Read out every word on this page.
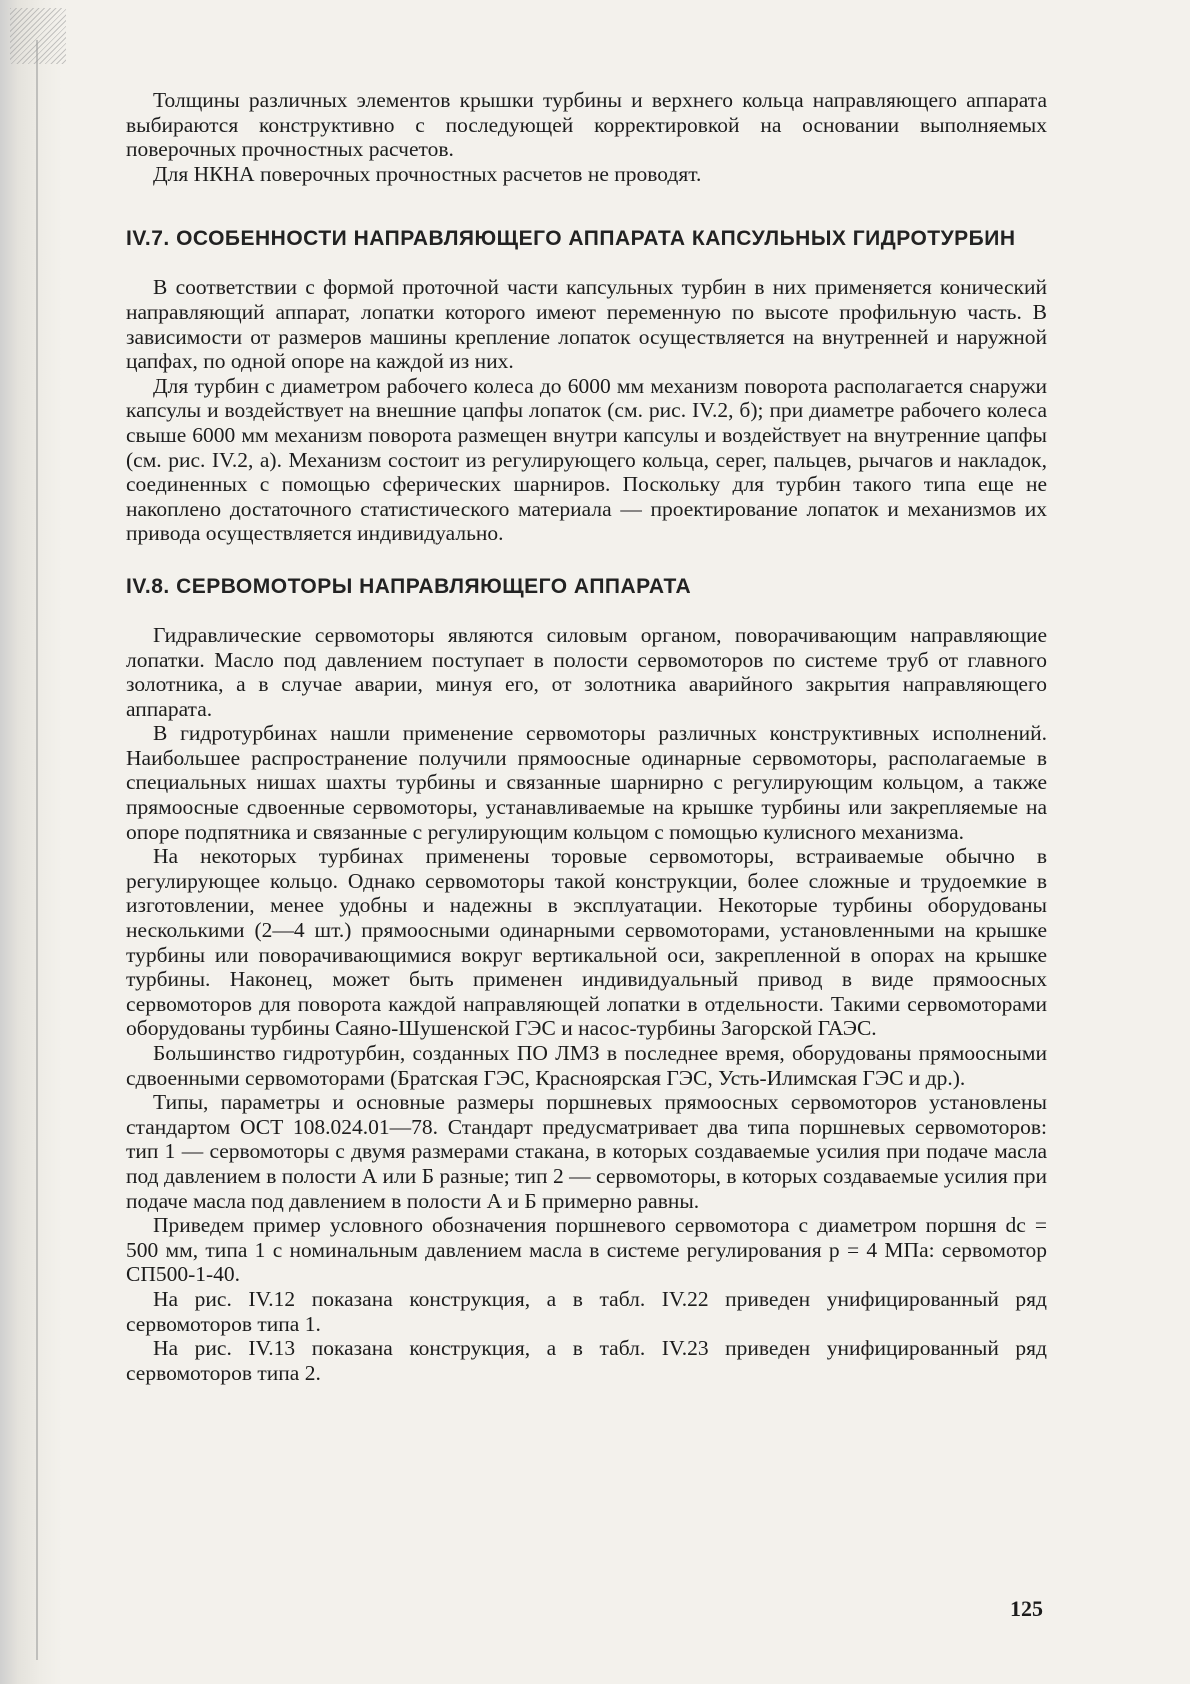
Толщины различных элементов крышки турбины и верхнего кольца направляющего аппарата выбираются конструктивно с последующей корректировкой на основании выполняемых поверочных прочностных расчетов.

Для НКНА поверочных прочностных расчетов не проводят.

IV.7. ОСОБЕННОСТИ НАПРАВЛЯЮЩЕГО АППАРАТА КАПСУЛЬНЫХ ГИДРОТУРБИН

В соответствии с формой проточной части капсульных турбин в них применяется конический направляющий аппарат, лопатки которого имеют переменную по высоте профильную часть. В зависимости от размеров машины крепление лопаток осуществляется на внутренней и наружной цапфах, по одной опоре на каждой из них.

Для турбин с диаметром рабочего колеса до 6000 мм механизм поворота располагается снаружи капсулы и воздействует на внешние цапфы лопаток (см. рис. IV.2, б); при диаметре рабочего колеса свыше 6000 мм механизм поворота размещен внутри капсулы и воздействует на внутренние цапфы (см. рис. IV.2, а). Механизм состоит из регулирующего кольца, серег, пальцев, рычагов и накладок, соединенных с помощью сферических шарниров. Поскольку для турбин такого типа еще не накоплено достаточного статистического материала — проектирование лопаток и механизмов их привода осуществляется индивидуально.

IV.8. СЕРВОМОТОРЫ НАПРАВЛЯЮЩЕГО АППАРАТА

Гидравлические сервомоторы являются силовым органом, поворачивающим направляющие лопатки. Масло под давлением поступает в полости сервомоторов по системе труб от главного золотника, а в случае аварии, минуя его, от золотника аварийного закрытия направляющего аппарата.

В гидротурбинах нашли применение сервомоторы различных конструктивных исполнений. Наибольшее распространение получили прямоосные одинарные сервомоторы, располагаемые в специальных нишах шахты турбины и связанные шарнирно с регулирующим кольцом, а также прямоосные сдвоенные сервомоторы, устанавливаемые на крышке турбины или закрепляемые на опоре подпятника и связанные с регулирующим кольцом с помощью кулисного механизма.

На некоторых турбинах применены торовые сервомоторы, встраиваемые обычно в регулирующее кольцо. Однако сервомоторы такой конструкции, более сложные и трудоемкие в изготовлении, менее удобны и надежны в эксплуатации. Некоторые турбины оборудованы несколькими (2—4 шт.) прямоосными одинарными сервомоторами, установленными на крышке турбины или поворачивающимися вокруг вертикальной оси, закрепленной в опорах на крышке турбины. Наконец, может быть применен индивидуальный привод в виде прямоосных сервомоторов для поворота каждой направляющей лопатки в отдельности. Такими сервомоторами оборудованы турбины Саяно-Шушенской ГЭС и насос-турбины Загорской ГАЭС.

Большинство гидротурбин, созданных ПО ЛМЗ в последнее время, оборудованы прямоосными сдвоенными сервомоторами (Братская ГЭС, Красноярская ГЭС, Усть-Илимская ГЭС и др.).

Типы, параметры и основные размеры поршневых прямоосных сервомоторов установлены стандартом ОСТ 108.024.01—78. Стандарт предусматривает два типа поршневых сервомоторов: тип 1 — сервомоторы с двумя размерами стакана, в которых создаваемые усилия при подаче масла под давлением в полости А или Б разные; тип 2 — сервомоторы, в которых создаваемые усилия при подаче масла под давлением в полости А и Б примерно равны.

Приведем пример условного обозначения поршневого сервомотора с диаметром поршня dс = 500 мм, типа 1 с номинальным давлением масла в системе регулирования p = 4 МПа: сервомотор СП500-1-40.

На рис. IV.12 показана конструкция, а в табл. IV.22 приведен унифицированный ряд сервомоторов типа 1.

На рис. IV.13 показана конструкция, а в табл. IV.23 приведен унифицированный ряд сервомоторов типа 2.

125
